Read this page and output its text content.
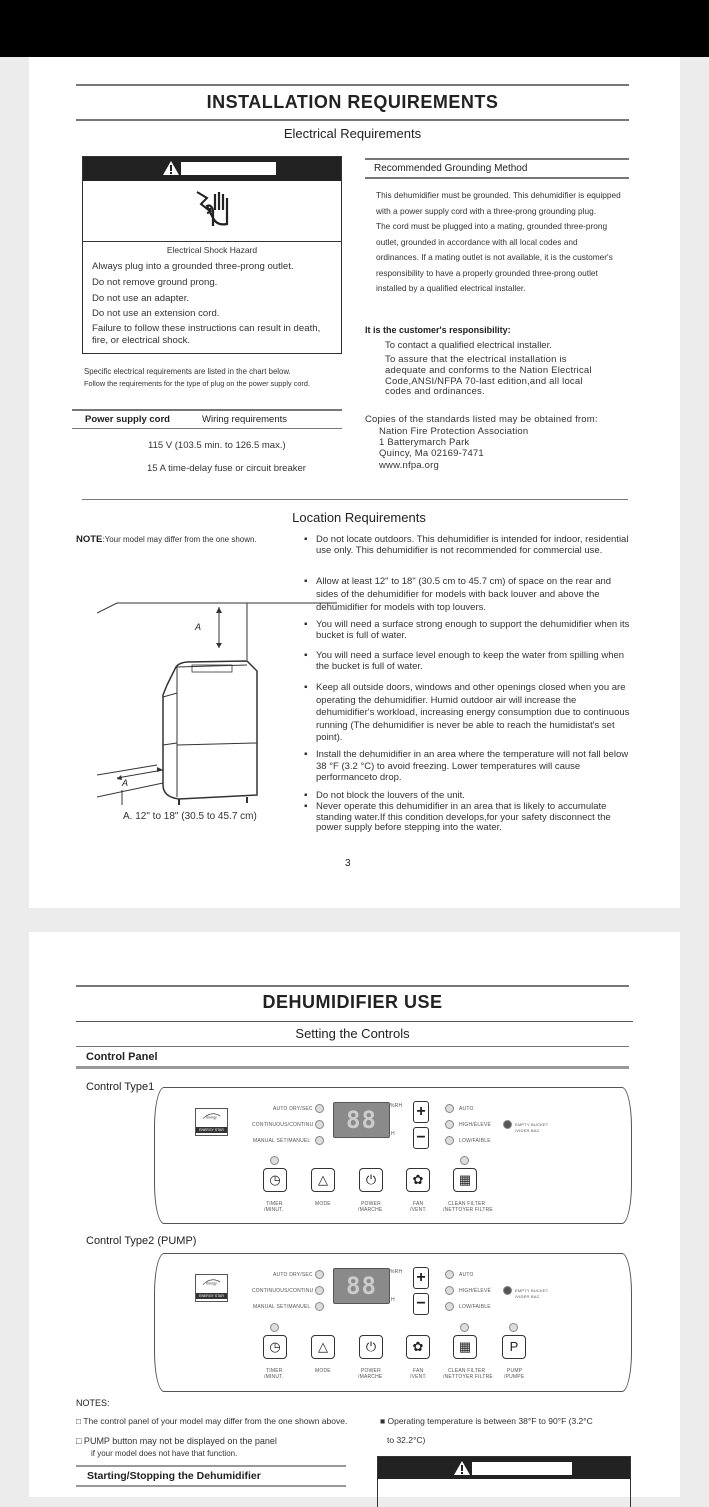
INSTALLATION REQUIREMENTS
Electrical Requirements
Electrical Shock Hazard
Always plug into a grounded three-prong outlet.
Do not remove ground prong.
Do not use an adapter.
Do not use an extension cord.
Failure to follow these instructions can result in death,
fire, or electrical shock.
Specific electrical requirements are listed in the chart below.
Follow the requirements for the type of plug on the power supply cord.
Power supply cord	Wiring requirements
115 V (103.5 min. to 126.5 max.)
15 A time-delay fuse or circuit breaker
Recommended Grounding Method
This dehumidifier must be grounded. This dehumidifier is equipped
with a power supply cord with a three-prong grounding plug.
The cord must be plugged into a mating, grounded three-prong
outlet, grounded in accordance with all local codes and
ordinances. If a mating outlet is not available, it is the customer's
responsibility to have a properly grounded three-prong outlet
installed by a qualified electrical installer.
It is the customer's responsibility:
To contact a qualified electrical installer.
To assure that the electrical installation is
adequate and conforms to the Nation Electrical
Code,ANSI/NFPA 70-last edition,and all local
codes and ordinances.
Copies of the standards listed may be obtained from:
Nation Fire Protection Association
1 Batterymarch Park
Quincy, Ma 02169-7471
www.nfpa.org
Location Requirements
NOTE:Your model may differ from the one shown.
A
A
A. 12" to 18" (30.5 to 45.7 cm)
▪ Do not locate outdoors. This dehumidifier is intended for indoor, residential use only. This dehumidifier is not recommended for commercial use.
▪ Allow at least 12" to 18" (30.5 cm to 45.7 cm) of space on the rear and sides of the dehumidifier for models with back louver and above the dehumidifier for models with top louvers.
▪ You will need a surface strong enough to support the dehumidifier when its bucket is full of water.
▪ You will need a surface level enough to keep the water from spilling when the bucket is full of water.
▪ Keep all outside doors, windows and other openings closed when you are operating the dehumidifier. Humid outdoor air will increase the dehumidifier's workload, increasing energy consumption due to continuous running (The dehumidifier is never be able to reach the humidistat's set point).
▪ Install the dehumidifier in an area where the temperature will not fall below 38 °F (3.2 °C) to avoid freezing. Lower temperatures will cause performanceto drop.
▪ Do not block the louvers of the unit.
▪ Never operate this dehumidifier in an area that is likely to accumulate standing water.If this condition develops,for your safety disconnect the power supply before stepping into the water.
3
DEHUMIDIFIER USE
Setting the Controls
Control Panel
Control Type1
Control Type2 (PUMP)
energy
ENERGY STAR
AUTO DRY/SEC
CONTINUOUS/CONTINU
MANUAL SET/MANUEL
88	%RH
H
+
−
AUTO
HIGH/ÉLEVÉ
LOW/FAIBLE
EMPTY BUCKET
/VIDER BAC
◷	△	⏻	✿	▦
TIMER
/MINUT.
MODE	POWER
/MARCHE
FAN
/VENT.
CLEAN FILTER
/NETTOYER FILTRE
energy
ENERGY STAR
AUTO DRY/SEC
CONTINUOUS/CONTINU
MANUAL SET/MANUEL
88	%RH
H
+
−
AUTO
HIGH/ÉLEVÉ
LOW/FAIBLE
EMPTY BUCKET
/VIDER BAC
◷	△	⏻	✿	▦	P
TIMER
/MINUT.
MODE	POWER
/MARCHE
FAN
/VENT.
CLEAN FILTER
/NETTOYER FILTRE
PUMP
/PUMPE
NOTES:
□ The control panel of your model may differ from the one shown above.
□ PUMP button may not be displayed on the panel
if your model does not have that function.
■ Operating temperature is between 38°F to 90°F (3.2°C
to 32.2°C)
Starting/Stopping the Dehumidifier
